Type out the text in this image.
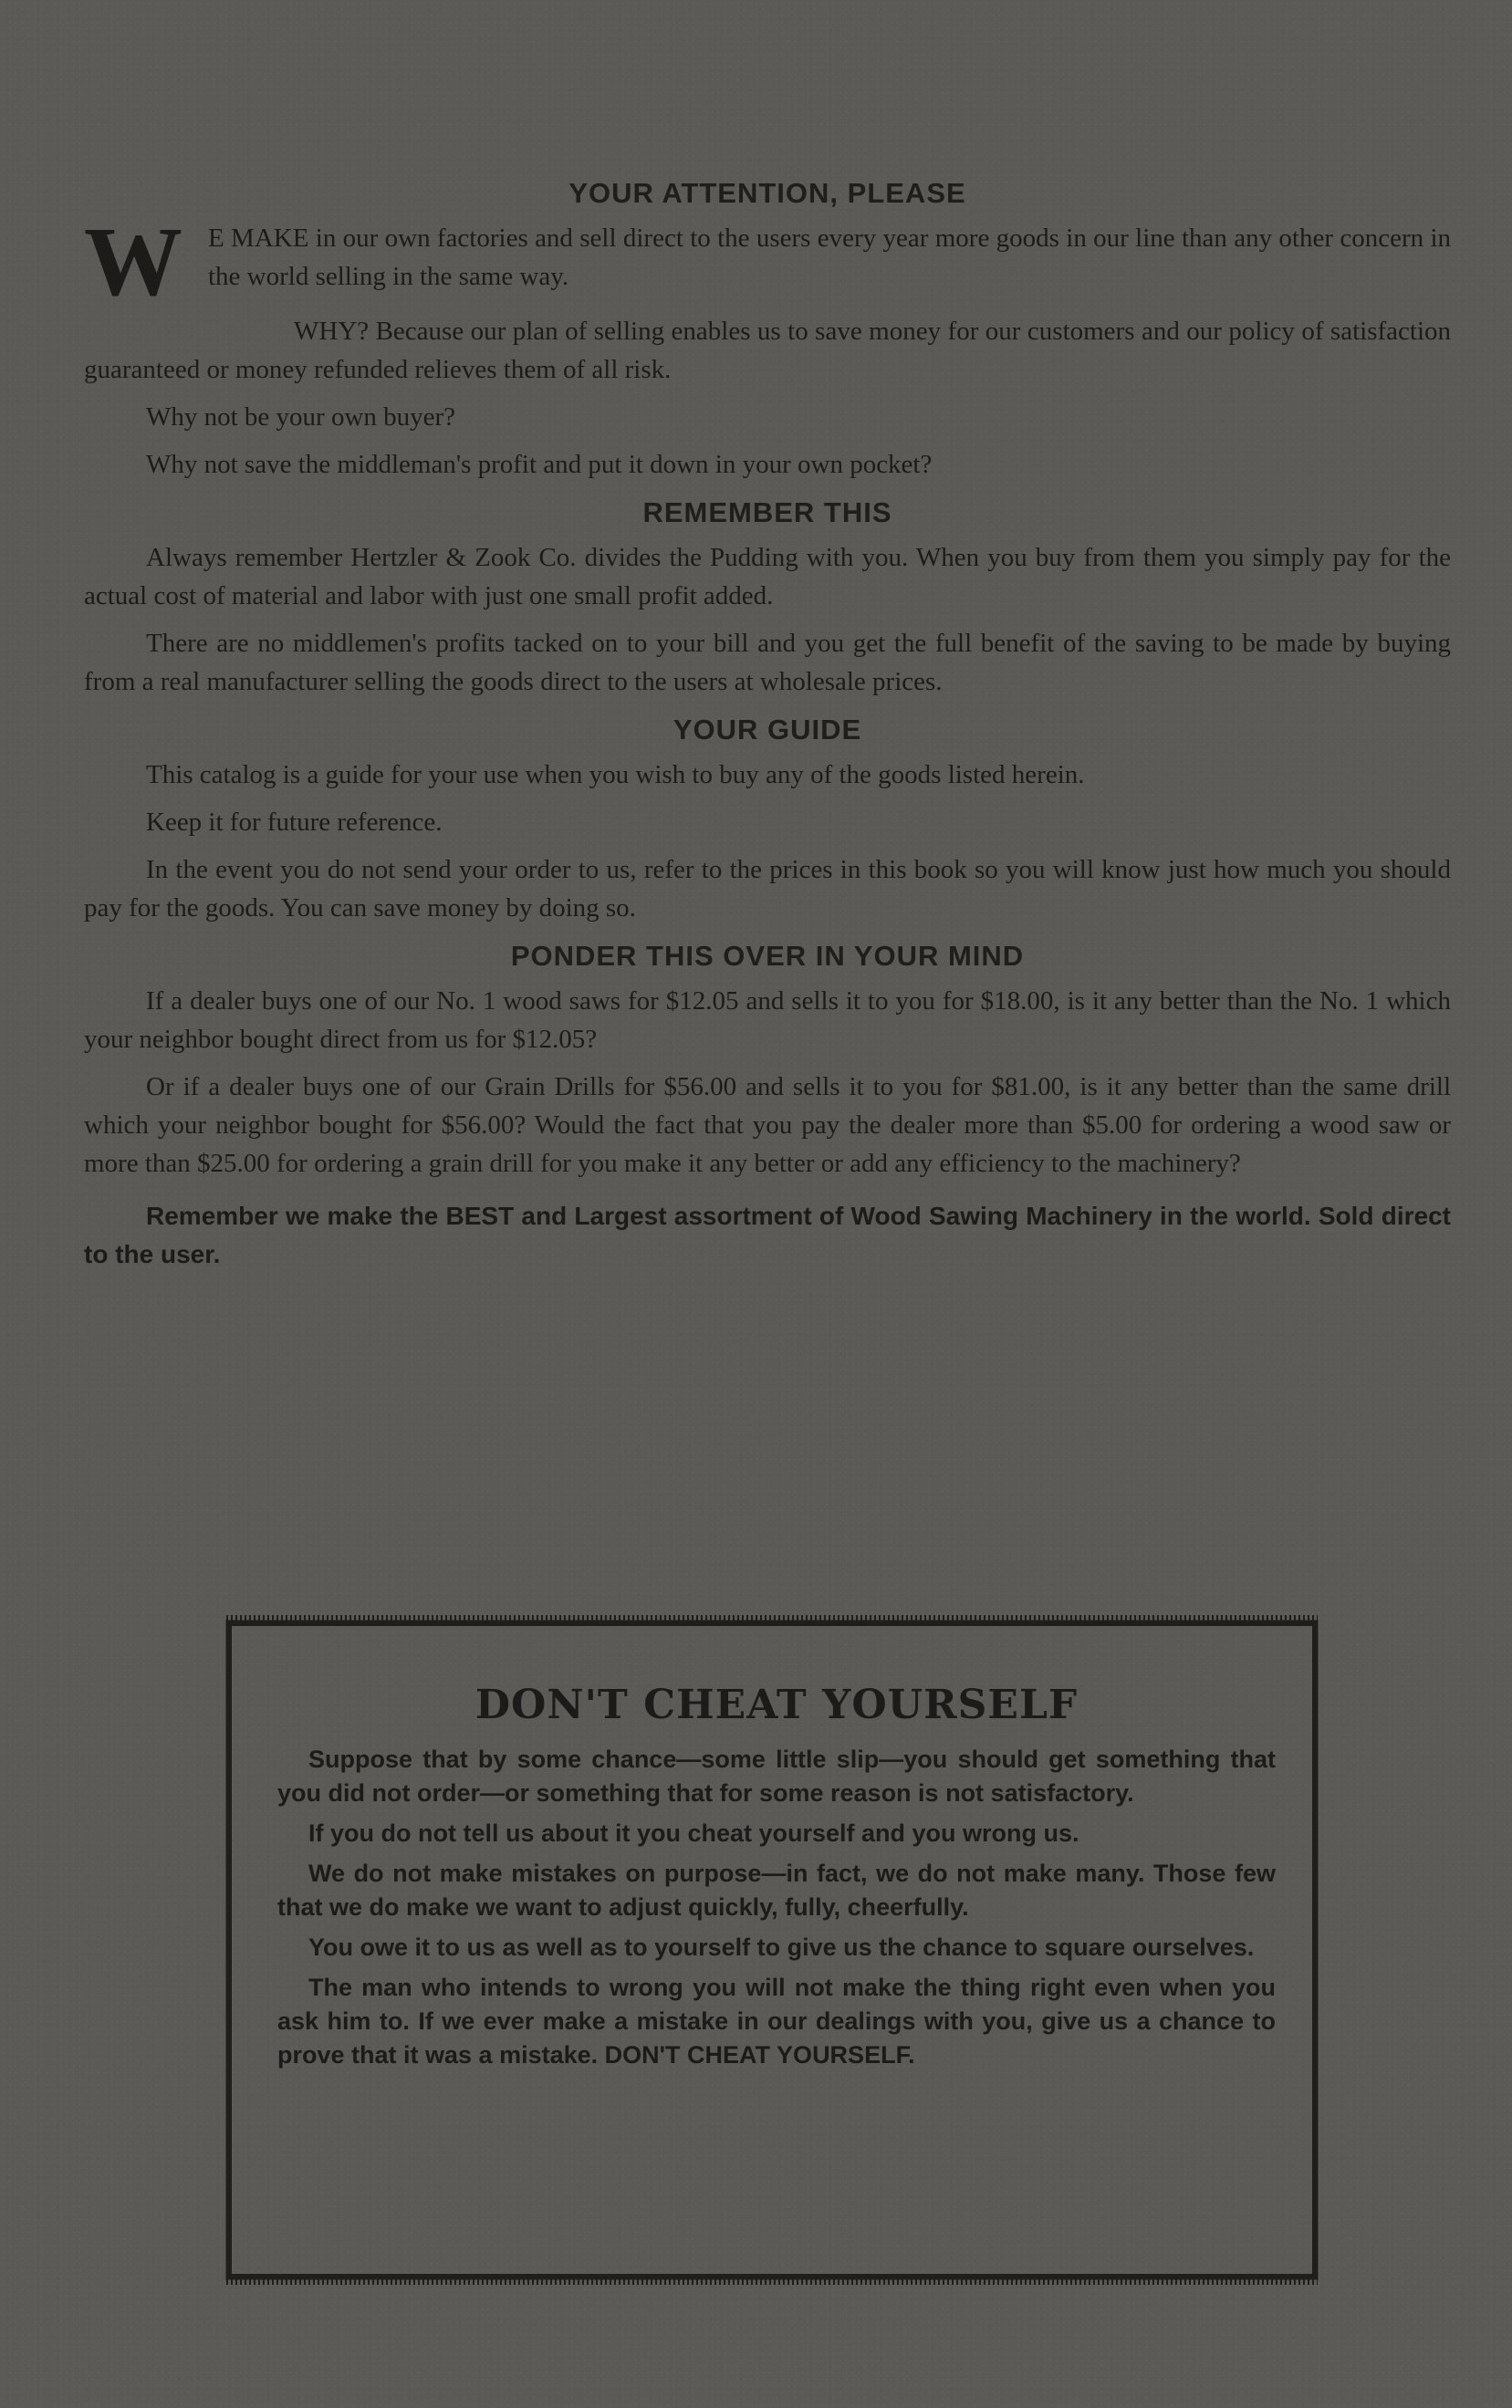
YOUR ATTENTION, PLEASE
W E MAKE in our own factories and sell direct to the users every year more goods in our line than any other concern in the world selling in the same way.

WHY? Because our plan of selling enables us to save money for our customers and our policy of satisfaction guaranteed or money refunded relieves them of all risk.

Why not be your own buyer?

Why not save the middleman's profit and put it down in your own pocket?

REMEMBER THIS

Always remember Hertzler & Zook Co. divides the Pudding with you. When you buy from them you simply pay for the actual cost of material and labor with just one small profit added.

There are no middlemen's profits tacked on to your bill and you get the full benefit of the saving to be made by buying from a real manufacturer selling the goods direct to the users at wholesale prices.

YOUR GUIDE

This catalog is a guide for your use when you wish to buy any of the goods listed herein.

Keep it for future reference.

In the event you do not send your order to us, refer to the prices in this book so you will know just how much you should pay for the goods. You can save money by doing so.

PONDER THIS OVER IN YOUR MIND

If a dealer buys one of our No. 1 wood saws for $12.05 and sells it to you for $18.00, is it any better than the No. 1 which your neighbor bought direct from us for $12.05?

Or if a dealer buys one of our Grain Drills for $56.00 and sells it to you for $81.00, is it any better than the same drill which your neighbor bought for $56.00? Would the fact that you pay the dealer more than $5.00 for ordering a wood saw or more than $25.00 for ordering a grain drill for you make it any better or add any efficiency to the machinery?

Remember we make the BEST and Largest assortment of Wood Sawing Machinery in the world. Sold direct to the user.

DON'T CHEAT YOURSELF

Suppose that by some chance—some little slip—you should get something that you did not order—or something that for some reason is not satisfactory.

If you do not tell us about it you cheat yourself and you wrong us.

We do not make mistakes on purpose—in fact, we do not make many. Those few that we do make we want to adjust quickly, fully, cheerfully.

You owe it to us as well as to yourself to give us the chance to square ourselves.

The man who intends to wrong you will not make the thing right even when you ask him to. If we ever make a mistake in our dealings with you, give us a chance to prove that it was a mistake. DON'T CHEAT YOURSELF.
